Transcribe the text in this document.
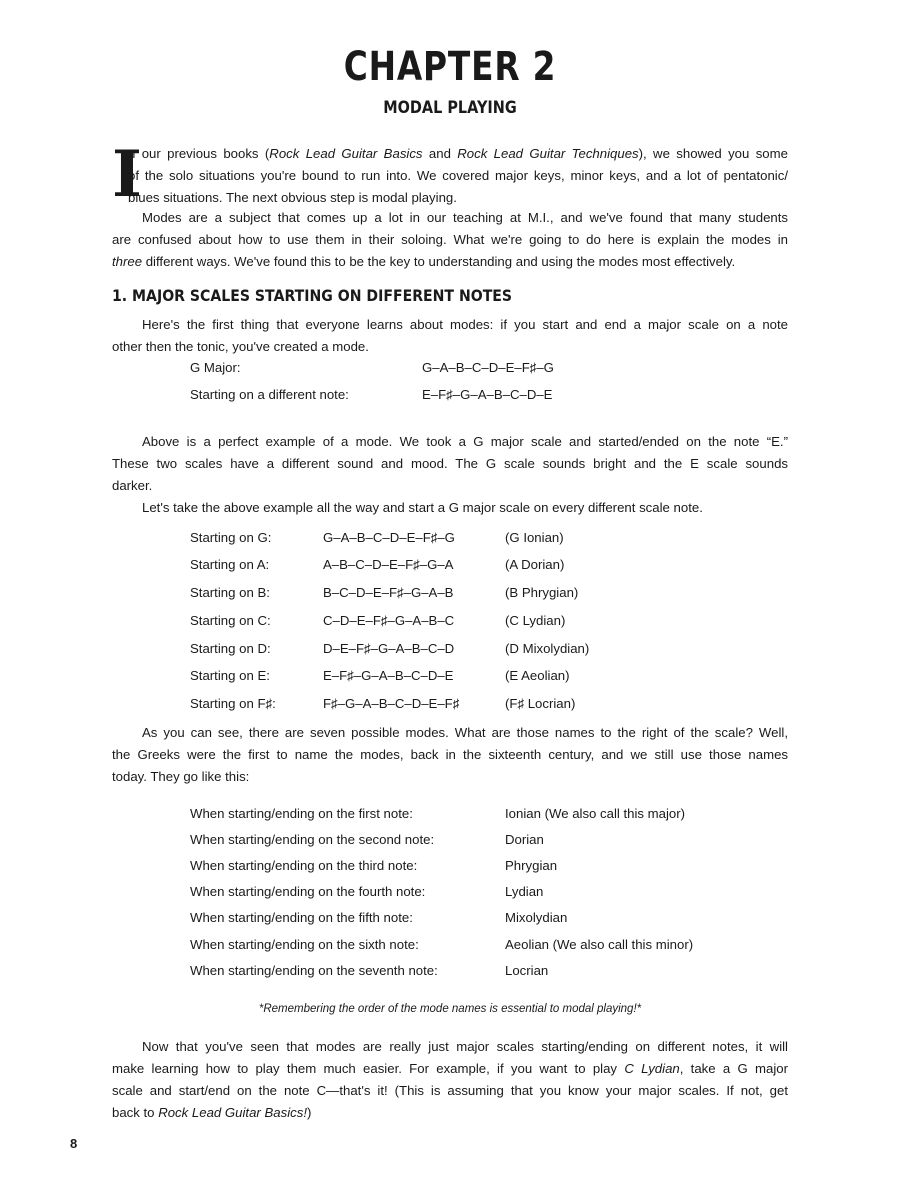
CHAPTER 2
MODAL PLAYING
I

n our previous books (Rock Lead Guitar Basics and Rock Lead Guitar Techniques), we showed you some
of the solo situations you're bound to run into. We covered major keys, minor keys, and a lot of pentatonic/
blues situations. The next obvious step is modal playing.

Modes are a subject that comes up a lot in our teaching at M.I., and we've found that many students
are confused about how to use them in their soloing. What we're going to do here is explain the modes in
three different ways. We've found this to be the key to understanding and using the modes most effectively.

1. MAJOR SCALES STARTING ON DIFFERENT NOTES

Here's the first thing that everyone learns about modes: if you start and end a major scale on a note
other then the tonic, you've created a mode.

G Major:	G–A–B–C–D–E–F♯–G
Starting on a different note:	E–F♯–G–A–B–C–D–E

Above is a perfect example of a mode. We took a G major scale and started/ended on the note “E.”
These two scales have a different sound and mood. The G scale sounds bright and the E scale sounds
darker.

Let's take the above example all the way and start a G major scale on every different scale note.

Starting on G:	G–A–B–C–D–E–F♯–G	(G Ionian)
Starting on A:	A–B–C–D–E–F♯–G–A	(A Dorian)
Starting on B:	B–C–D–E–F♯–G–A–B	(B Phrygian)
Starting on C:	C–D–E–F♯–G–A–B–C	(C Lydian)
Starting on D:	D–E–F♯–G–A–B–C–D	(D Mixolydian)
Starting on E:	E–F♯–G–A–B–C–D–E	(E Aeolian)
Starting on F♯:	F♯–G–A–B–C–D–E–F♯	(F♯ Locrian)

As you can see, there are seven possible modes. What are those names to the right of the scale? Well,
the Greeks were the first to name the modes, back in the sixteenth century, and we still use those names
today. They go like this:

When starting/ending on the first note:	Ionian (We also call this major)
When starting/ending on the second note:	Dorian
When starting/ending on the third note:	Phrygian
When starting/ending on the fourth note:	Lydian
When starting/ending on the fifth note:	Mixolydian
When starting/ending on the sixth note:	Aeolian (We also call this minor)
When starting/ending on the seventh note:	Locrian

*Remembering the order of the mode names is essential to modal playing!*

Now that you've seen that modes are really just major scales starting/ending on different notes, it will
make learning how to play them much easier. For example, if you want to play C Lydian, take a G major
scale and start/end on the note C—that's it! (This is assuming that you know your major scales. If not, get
back to Rock Lead Guitar Basics!)

8
